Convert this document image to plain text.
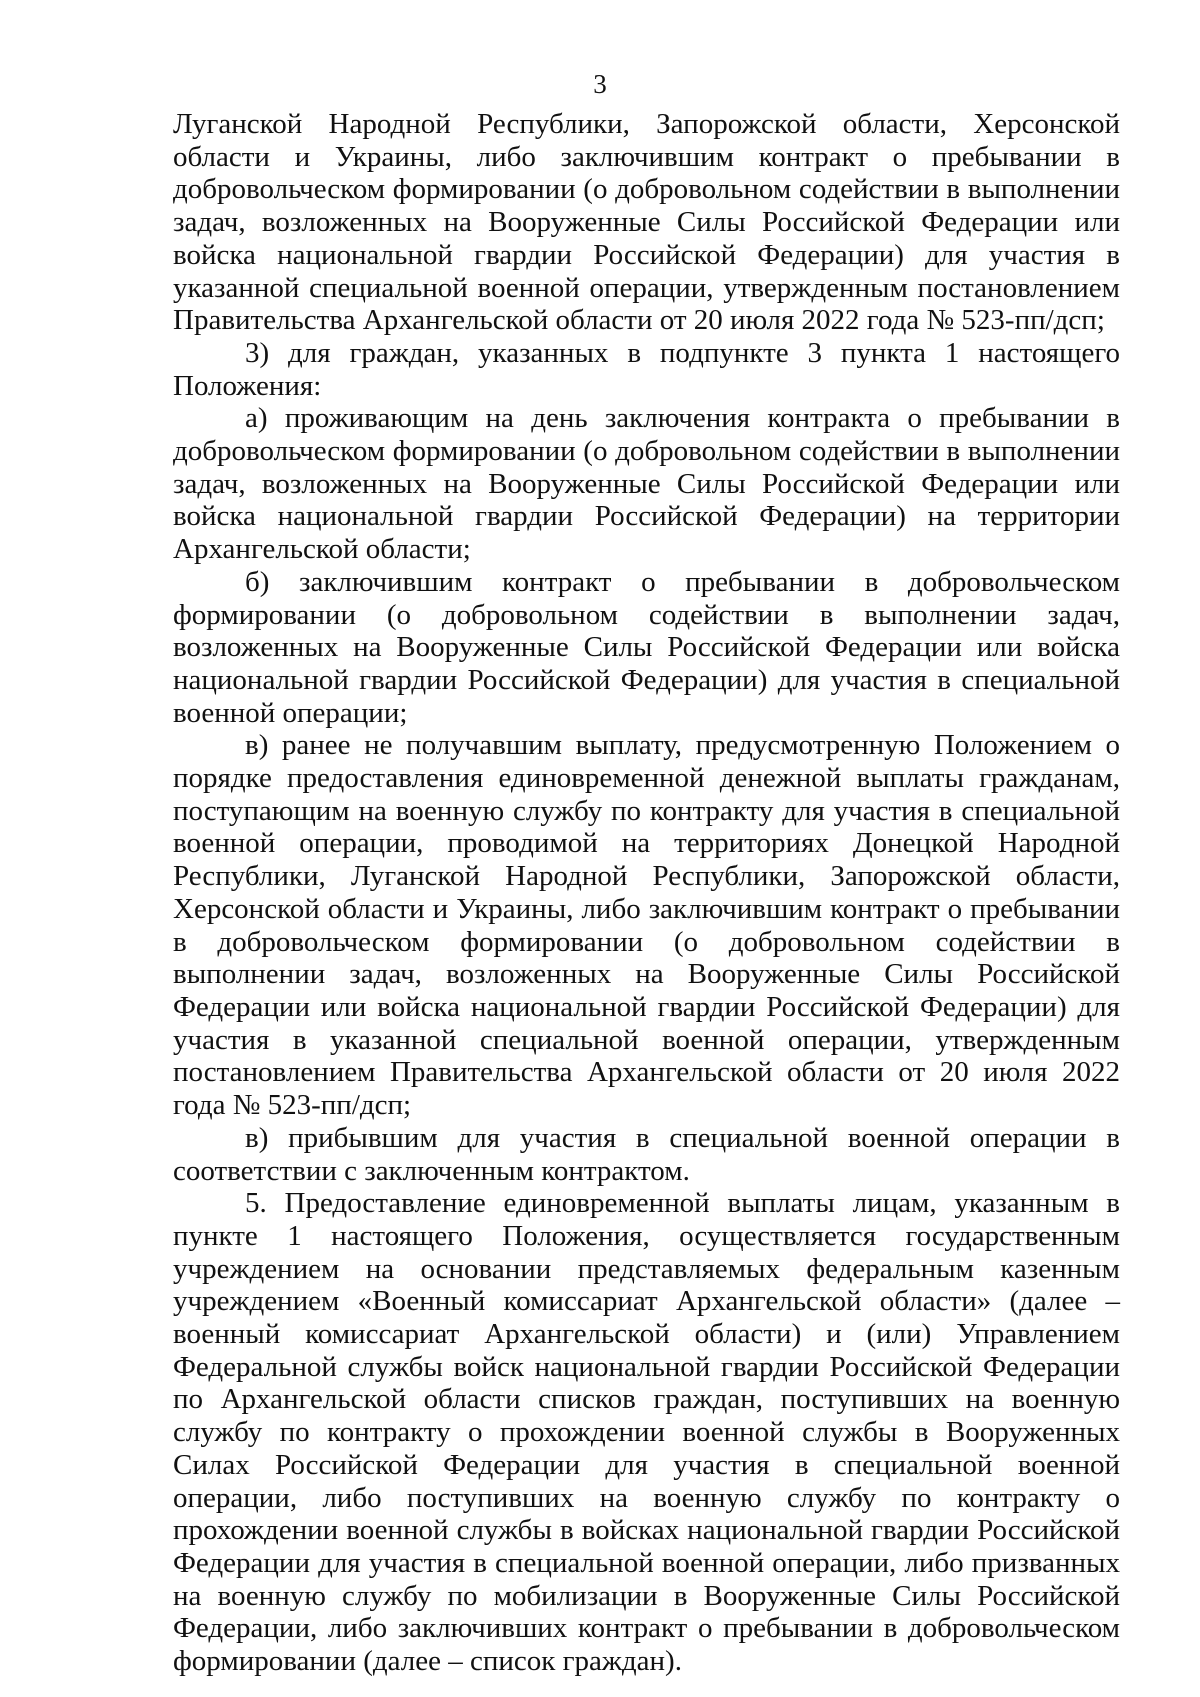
3

Луганской Народной Республики, Запорожской области, Херсонской области и Украины, либо заключившим контракт о пребывании в добровольческом формировании (о добровольном содействии в выполнении задач, возложенных на Вооруженные Силы Российской Федерации или войска национальной гвардии Российской Федерации) для участия в указанной специальной военной операции, утвержденным постановлением Правительства Архангельской области от 20 июля 2022 года № 523-пп/дсп;

3) для граждан, указанных в подпункте 3 пункта 1 настоящего Положения:

а) проживающим на день заключения контракта о пребывании в добровольческом формировании (о добровольном содействии в выполнении задач, возложенных на Вооруженные Силы Российской Федерации или войска национальной гвардии Российской Федерации) на территории Архангельской области;

б) заключившим контракт о пребывании в добровольческом формировании (о добровольном содействии в выполнении задач, возложенных на Вооруженные Силы Российской Федерации или войска национальной гвардии Российской Федерации) для участия в специальной военной операции;

в) ранее не получавшим выплату, предусмотренную Положением о порядке предоставления единовременной денежной выплаты гражданам, поступающим на военную службу по контракту для участия в специальной военной операции, проводимой на территориях Донецкой Народной Республики, Луганской Народной Республики, Запорожской области, Херсонской области и Украины, либо заключившим контракт о пребывании в добровольческом формировании (о добровольном содействии в выполнении задач, возложенных на Вооруженные Силы Российской Федерации или войска национальной гвардии Российской Федерации) для участия в указанной специальной военной операции, утвержденным постановлением Правительства Архангельской области от 20 июля 2022 года № 523-пп/дсп;

в) прибывшим для участия в специальной военной операции в соответствии с заключенным контрактом.

5. Предоставление единовременной выплаты лицам, указанным в пункте 1 настоящего Положения, осуществляется государственным учреждением на основании представляемых федеральным казенным учреждением «Военный комиссариат Архангельской области» (далее – военный комиссариат Архангельской области) и (или) Управлением Федеральной службы войск национальной гвардии Российской Федерации по Архангельской области списков граждан, поступивших на военную службу по контракту о прохождении военной службы в Вооруженных Силах Российской Федерации для участия в специальной военной операции, либо поступивших на военную службу по контракту о прохождении военной службы в войсках национальной гвардии Российской Федерации для участия в специальной военной операции, либо призванных на военную службу по мобилизации в Вооруженные Силы Российской Федерации, либо заключивших контракт о пребывании в добровольческом формировании (далее – список граждан).
